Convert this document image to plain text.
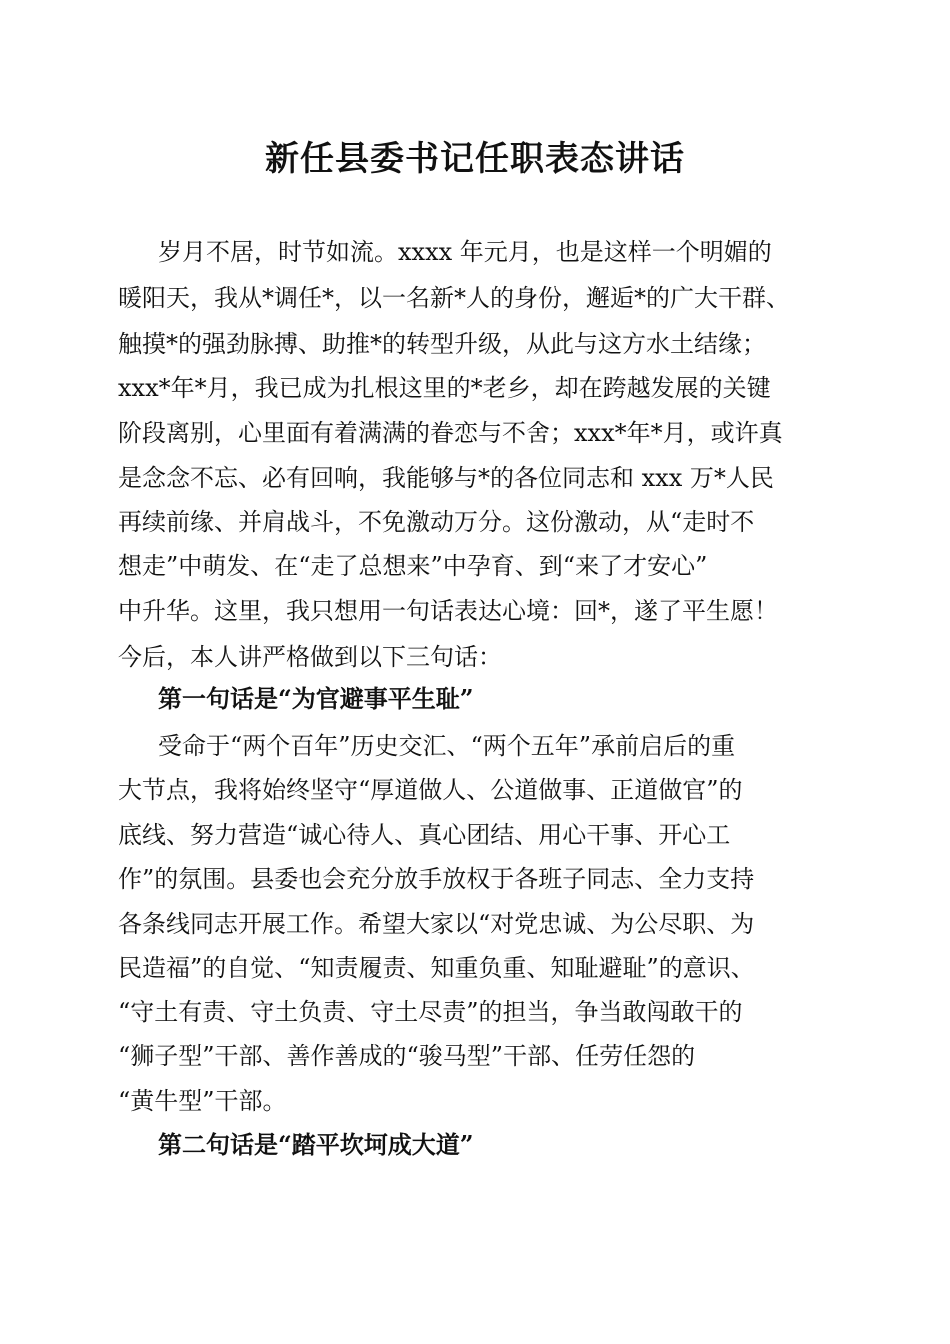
新任县委书记任职表态讲话

岁月不居，时节如流。xxxx 年元月，也是这样一个明媚的

暖阳天，我从*调任*，以一名新*人的身份，邂逅*的广大干群、

触摸*的强劲脉搏、助推*的转型升级，从此与这方水土结缘；

xxx*年*月，我已成为扎根这里的*老乡，却在跨越发展的关键

阶段离别，心里面有着满满的眷恋与不舍；xxx*年*月，或许真

是念念不忘、必有回响，我能够与*的各位同志和 xxx 万*人民

再续前缘、并肩战斗，不免激动万分。这份激动，从“走时不

想走”中萌发、在“走了总想来”中孕育、到“来了才安心”

中升华。这里，我只想用一句话表达心境：回*，遂了平生愿！

今后，本人讲严格做到以下三句话：

第一句话是“为官避事平生耻”

受命于“两个百年”历史交汇、“两个五年”承前启后的重

大节点，我将始终坚守“厚道做人、公道做事、正道做官”的

底线、努力营造“诚心待人、真心团结、用心干事、开心工

作”的氛围。县委也会充分放手放权于各班子同志、全力支持

各条线同志开展工作。希望大家以“对党忠诚、为公尽职、为

民造福”的自觉、“知责履责、知重负重、知耻避耻”的意识、

“守土有责、守土负责、守土尽责”的担当，争当敢闯敢干的

“狮子型”干部、善作善成的“骏马型”干部、任劳任怨的

“黄牛型”干部。

第二句话是“踏平坎坷成大道”
